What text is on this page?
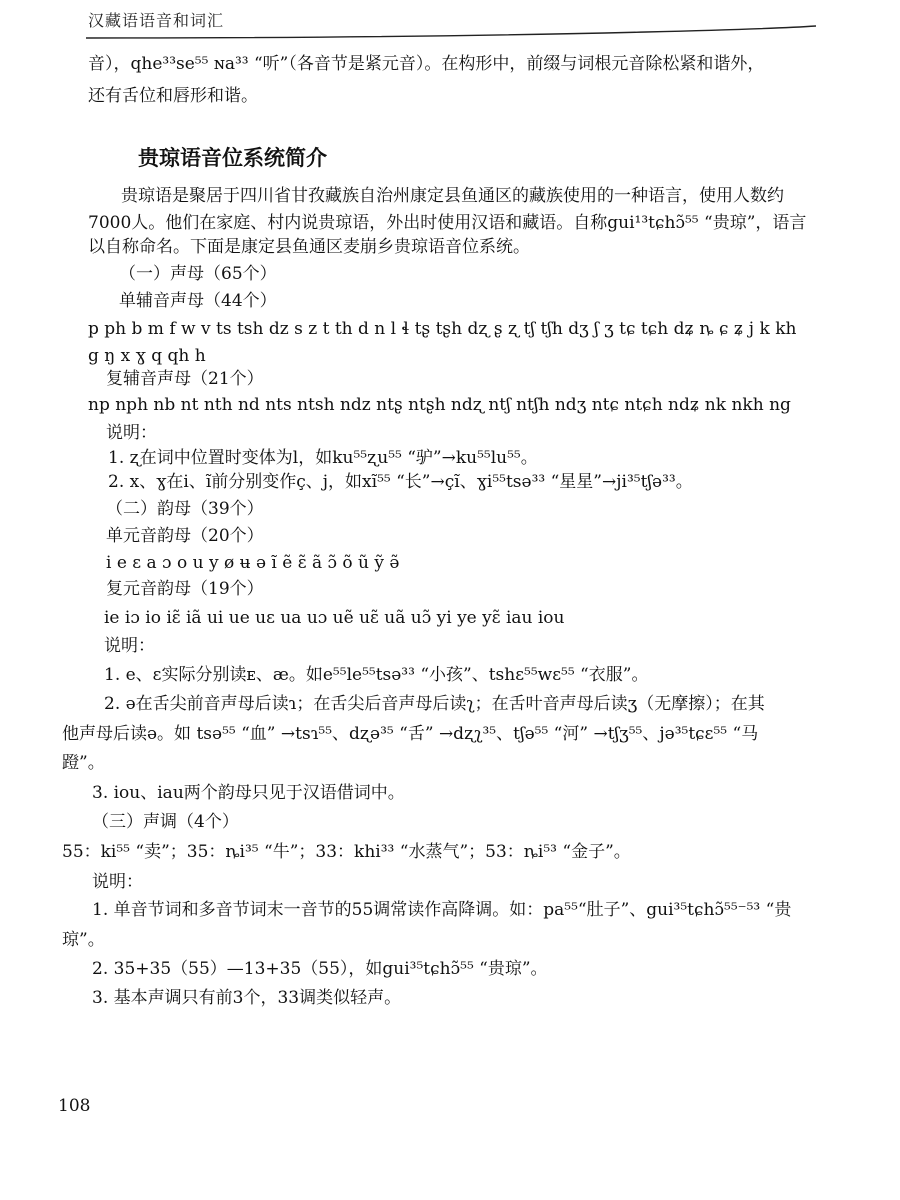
汉藏语语音和词汇
音），qhe³³se⁵⁵ ɴa³³ “听”（各音节是紧元音）。在构形中，前缀与词根元音除松紧和谐外，
还有舌位和唇形和谐。
贵琼语音位系统简介
贵琼语是聚居于四川省甘孜藏族自治州康定县鱼通区的藏族使用的一种语言，使用人数约
7000人。他们在家庭、村内说贵琼语，外出时使用汉语和藏语。自称gui¹³tɕhɔ̃⁵⁵ “贵琼”，语言
以自称命名。下面是康定县鱼通区麦崩乡贵琼语音位系统。
（一）声母（65个）
单辅音声母（44个）
p ph b m f w v ts tsh dz s z t th d n l ɬ tʂ tʂh dʐ ʂ ʐ tʃ tʃh dʒ ʃ ʒ tɕ tɕh dʑ ȵ ɕ ʑ j k kh
g ŋ x ɣ q qh h
复辅音声母（21个）
np nph nb nt nth nd nts ntsh ndz ntʂ ntʂh ndʐ ntʃ ntʃh ndʒ ntɕ ntɕh ndʑ nk nkh ng
说明：
1. ʐ在词中位置时变体为l，如ku⁵⁵ʐu⁵⁵ “驴”→ku⁵⁵lu⁵⁵。
2. x、ɣ在i、ĩ前分别变作ç、j，如xĩ⁵⁵ “长”→çĩ、ɣi⁵⁵tsə³³ “星星”→ji³⁵tʃə³³。
（二）韵母（39个）
单元音韵母（20个）
i e ɛ a ɔ o u y ø ʉ ə ĩ ẽ ɛ̃ ã ɔ̃ õ ũ ỹ ə̃
复元音韵母（19个）
ie iɔ io iɛ̃ iã ui ue uɛ ua uɔ uẽ uɛ̃ uã uɔ̃ yi ye yɛ̃ iau iou
说明：
1. e、ɛ实际分别读ᴇ、æ。如e⁵⁵le⁵⁵tsə³³ “小孩”、tshɛ⁵⁵wɛ⁵⁵ “衣服”。
2. ə在舌尖前音声母后读ɿ；在舌尖后音声母后读ʅ；在舌叶音声母后读ʒ（无摩擦）；在其
他声母后读ə。如 tsə⁵⁵ “血” →tsɿ⁵⁵、dʐə³⁵ “舌” →dʐʅ³⁵、tʃə⁵⁵ “河” →tʃʒ⁵⁵、jə³⁵tɕɛ⁵⁵ “马
蹬”。
3. iou、iau两个韵母只见于汉语借词中。
（三）声调（4个）
55：ki⁵⁵ “卖”；35：ȵi³⁵ “牛”；33：khi³³ “水蒸气”；53：ȵi⁵³ “金子”。
说明：
1. 单音节词和多音节词末一音节的55调常读作高降调。如：pa⁵⁵“肚子”、gui³⁵tɕhɔ̃⁵⁵⁻⁵³ “贵
琼”。
2. 35+35（55）—13+35（55），如gui³⁵tɕhɔ̃⁵⁵ “贵琼”。
3. 基本声调只有前3个，33调类似轻声。
108
